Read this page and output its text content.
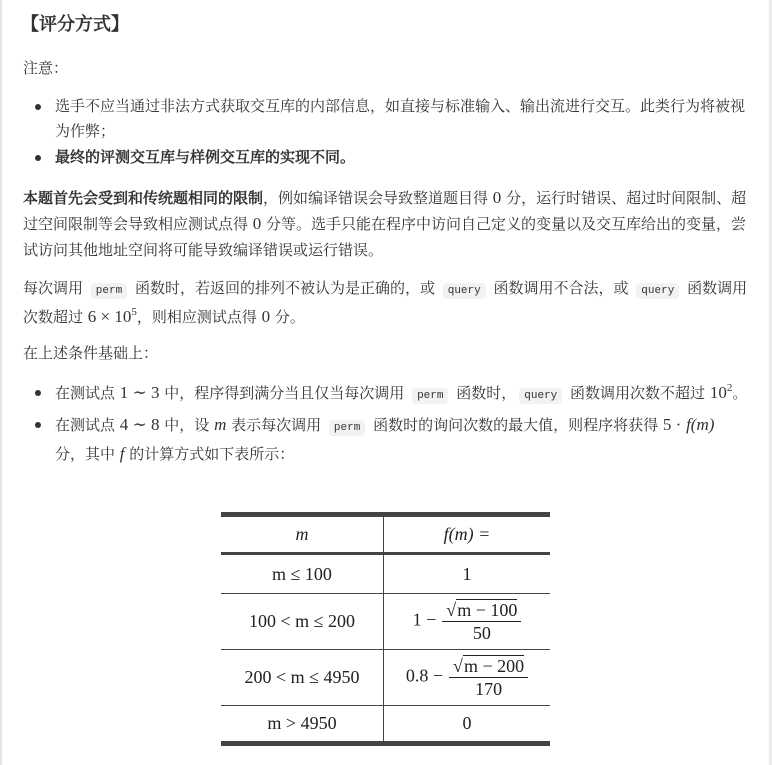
【评分方式】

注意：

选手不应当通过非法方式获取交互库的内部信息，如直接与标准输入、输出流进行交互。此类行为将被视为作弊；
最终的评测交互库与样例交互库的实现不同。

本题首先会受到和传统题相同的限制，例如编译错误会导致整道题目得 0 分，运行时错误、超过时间限制、超过空间限制等会导致相应测试点得 0 分等。选手只能在程序中访问自己定义的变量以及交互库给出的变量，尝试访问其他地址空间将可能导致编译错误或运行错误。

每次调用 perm 函数时，若返回的排列不被认为是正确的，或 query 函数调用不合法，或 query 函数调用次数超过 $6 \times 10^5$，则相应测试点得 0 分。

在上述条件基础上：

在测试点 1 ∼ 3 中，程序得到满分当且仅当每次调用 perm 函数时， query 函数调用次数不超过 $10^2$。
在测试点 4 ∼ 8 中，设 m 表示每次调用 perm 函数时的询问次数的最大值，则程序将获得 5 · f(m) 分，其中 f 的计算方式如下表所示：
m	f(m) =
m ≤ 100	1
100 < m ≤ 200	$1 - \frac{√m - 100}{50}$

200 < m ≤ 4950	$0.8 - \frac{√m - 200}{170}$

m > 4950	0
